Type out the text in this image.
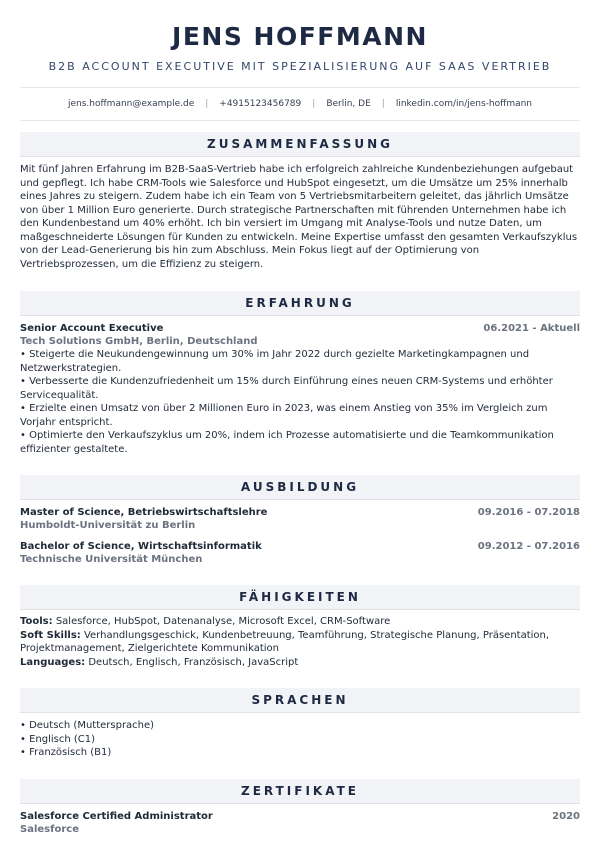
JENS HOFFMANN
B2B ACCOUNT EXECUTIVE MIT SPEZIALISIERUNG AUF SAAS VERTRIEB
jens.hoffmann@example.de | +4915123456789 | Berlin, DE | linkedin.com/in/jens-hoffmann
ZUSAMMENFASSUNG
Mit fünf Jahren Erfahrung im B2B-SaaS-Vertrieb habe ich erfolgreich zahlreiche Kundenbeziehungen aufgebaut und gepflegt. Ich habe CRM-Tools wie Salesforce und HubSpot eingesetzt, um die Umsätze um 25% innerhalb eines Jahres zu steigern. Zudem habe ich ein Team von 5 Vertriebsmitarbeitern geleitet, das jährlich Umsätze von über 1 Million Euro generierte. Durch strategische Partnerschaften mit führenden Unternehmen habe ich den Kundenbestand um 40% erhöht. Ich bin versiert im Umgang mit Analyse-Tools und nutze Daten, um maßgeschneiderte Lösungen für Kunden zu entwickeln. Meine Expertise umfasst den gesamten Verkaufszyklus von der Lead-Generierung bis hin zum Abschluss. Mein Fokus liegt auf der Optimierung von Vertriebsprozessen, um die Effizienz zu steigern.
ERFAHRUNG
Senior Account Executive	06.2021 - Aktuell
Tech Solutions GmbH, Berlin, Deutschland
• Steigerte die Neukundengewinnung um 30% im Jahr 2022 durch gezielte Marketingkampagnen und Netzwerkstrategien.
• Verbesserte die Kundenzufriedenheit um 15% durch Einführung eines neuen CRM-Systems und erhöhter Servicequalität.
• Erzielte einen Umsatz von über 2 Millionen Euro in 2023, was einem Anstieg von 35% im Vergleich zum Vorjahr entspricht.
• Optimierte den Verkaufszyklus um 20%, indem ich Prozesse automatisierte und die Teamkommunikation effizienter gestaltete.
AUSBILDUNG
Master of Science, Betriebswirtschaftslehre	09.2016 - 07.2018
Humboldt-Universität zu Berlin
Bachelor of Science, Wirtschaftsinformatik	09.2012 - 07.2016
Technische Universität München
FÄHIGKEITEN
Tools: Salesforce, HubSpot, Datenanalyse, Microsoft Excel, CRM-Software
Soft Skills: Verhandlungsgeschick, Kundenbetreuung, Teamführung, Strategische Planung, Präsentation, Projektmanagement, Zielgerichtete Kommunikation
Languages: Deutsch, Englisch, Französisch, JavaScript
SPRACHEN
• Deutsch (Muttersprache)
• Englisch (C1)
• Französisch (B1)
ZERTIFIKATE
Salesforce Certified Administrator	2020
Salesforce
